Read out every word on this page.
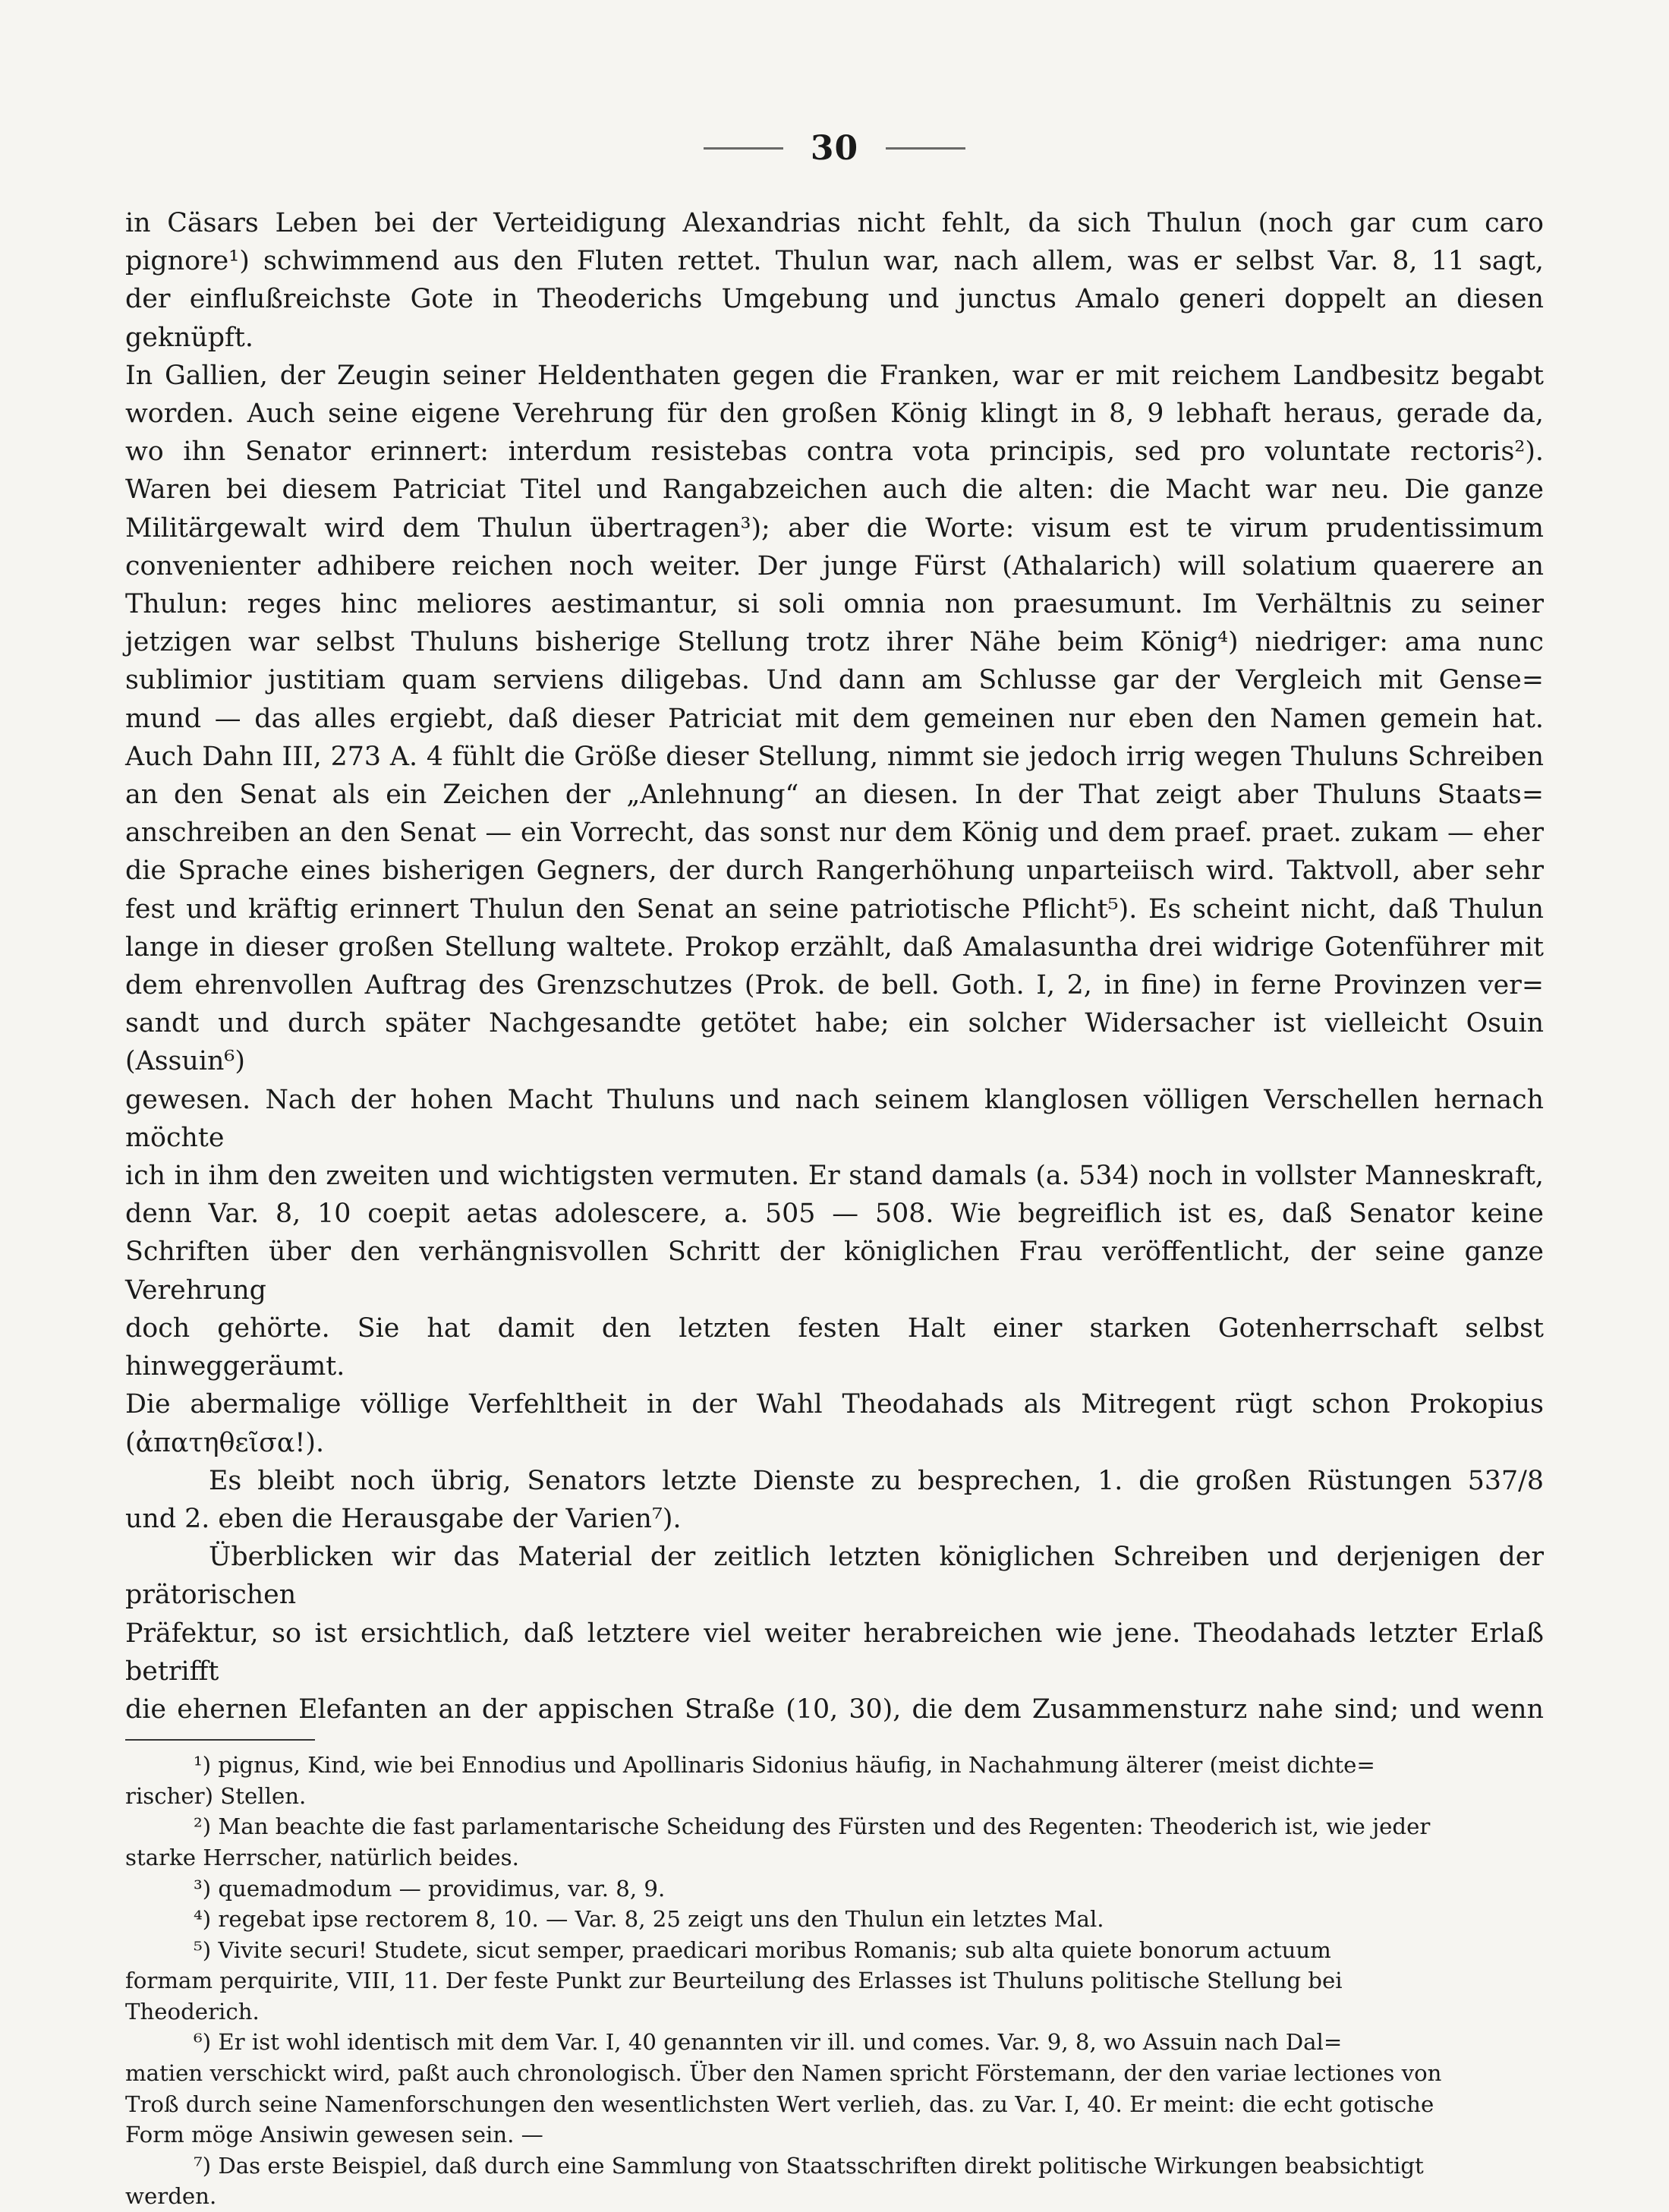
30

in Cäsars Leben bei der Verteidigung Alexandrias nicht fehlt, da sich Thulun (noch gar cum caro

pignore¹) schwimmend aus den Fluten rettet. Thulun war, nach allem, was er selbst Var. 8, 11 sagt,

der einflußreichste Gote in Theoderichs Umgebung und junctus Amalo generi doppelt an diesen geknüpft.

In Gallien, der Zeugin seiner Heldenthaten gegen die Franken, war er mit reichem Landbesitz begabt

worden. Auch seine eigene Verehrung für den großen König klingt in 8, 9 lebhaft heraus, gerade da,

wo ihn Senator erinnert: interdum resistebas contra vota principis, sed pro voluntate rectoris²).

Waren bei diesem Patriciat Titel und Rangabzeichen auch die alten: die Macht war neu. Die ganze

Militärgewalt wird dem Thulun übertragen³); aber die Worte: visum est te virum prudentissimum

convenienter adhibere reichen noch weiter. Der junge Fürst (Athalarich) will solatium quaerere an

Thulun: reges hinc meliores aestimantur, si soli omnia non praesumunt. Im Verhältnis zu seiner

jetzigen war selbst Thuluns bisherige Stellung trotz ihrer Nähe beim König⁴) niedriger: ama nunc

sublimior justitiam quam serviens diligebas. Und dann am Schlusse gar der Vergleich mit Gense=

mund — das alles ergiebt, daß dieser Patriciat mit dem gemeinen nur eben den Namen gemein hat.

Auch Dahn III, 273 A. 4 fühlt die Größe dieser Stellung, nimmt sie jedoch irrig wegen Thuluns Schreiben

an den Senat als ein Zeichen der „Anlehnung“ an diesen. In der That zeigt aber Thuluns Staats=

anschreiben an den Senat — ein Vorrecht, das sonst nur dem König und dem praef. praet. zukam — eher

die Sprache eines bisherigen Gegners, der durch Rangerhöhung unparteiisch wird. Taktvoll, aber sehr

fest und kräftig erinnert Thulun den Senat an seine patriotische Pflicht⁵). Es scheint nicht, daß Thulun

lange in dieser großen Stellung waltete. Prokop erzählt, daß Amalasuntha drei widrige Gotenführer mit

dem ehrenvollen Auftrag des Grenzschutzes (Prok. de bell. Goth. I, 2, in fine) in ferne Provinzen ver=

sandt und durch später Nachgesandte getötet habe; ein solcher Widersacher ist vielleicht Osuin (Assuin⁶)

gewesen. Nach der hohen Macht Thuluns und nach seinem klanglosen völligen Verschellen hernach möchte

ich in ihm den zweiten und wichtigsten vermuten. Er stand damals (a. 534) noch in vollster Manneskraft,

denn Var. 8, 10 coepit aetas adolescere, a. 505 — 508. Wie begreiflich ist es, daß Senator keine

Schriften über den verhängnisvollen Schritt der königlichen Frau veröffentlicht, der seine ganze Verehrung

doch gehörte. Sie hat damit den letzten festen Halt einer starken Gotenherrschaft selbst hinweggeräumt.

Die abermalige völlige Verfehltheit in der Wahl Theodahads als Mitregent rügt schon Prokopius

(ἀπατηθεῖσα!).

Es bleibt noch übrig, Senators letzte Dienste zu besprechen, 1. die großen Rüstungen 537/8

und 2. eben die Herausgabe der Varien⁷).

Überblicken wir das Material der zeitlich letzten königlichen Schreiben und derjenigen der prätorischen

Präfektur, so ist ersichtlich, daß letztere viel weiter herabreichen wie jene. Theodahads letzter Erlaß betrifft

die ehernen Elefanten an der appischen Straße (10, 30), die dem Zusammensturz nahe sind; und wenn

¹) pignus, Kind, wie bei Ennodius und Apollinaris Sidonius häufig, in Nachahmung älterer (meist dichte=

rischer) Stellen.

²) Man beachte die fast parlamentarische Scheidung des Fürsten und des Regenten: Theoderich ist, wie jeder

starke Herrscher, natürlich beides.

³) quemadmodum — providimus, var. 8, 9.

⁴) regebat ipse rectorem 8, 10. — Var. 8, 25 zeigt uns den Thulun ein letztes Mal.

⁵) Vivite securi! Studete, sicut semper, praedicari moribus Romanis; sub alta quiete bonorum actuum

formam perquirite, VIII, 11. Der feste Punkt zur Beurteilung des Erlasses ist Thuluns politische Stellung bei

Theoderich.

⁶) Er ist wohl identisch mit dem Var. I, 40 genannten vir ill. und comes. Var. 9, 8, wo Assuin nach Dal=

matien verschickt wird, paßt auch chronologisch. Über den Namen spricht Förstemann, der den variae lectiones von

Troß durch seine Namenforschungen den wesentlichsten Wert verlieh, das. zu Var. I, 40. Er meint: die echt gotische

Form möge Ansiwin gewesen sein. —

⁷) Das erste Beispiel, daß durch eine Sammlung von Staatsschriften direkt politische Wirkungen beabsichtigt

werden.
